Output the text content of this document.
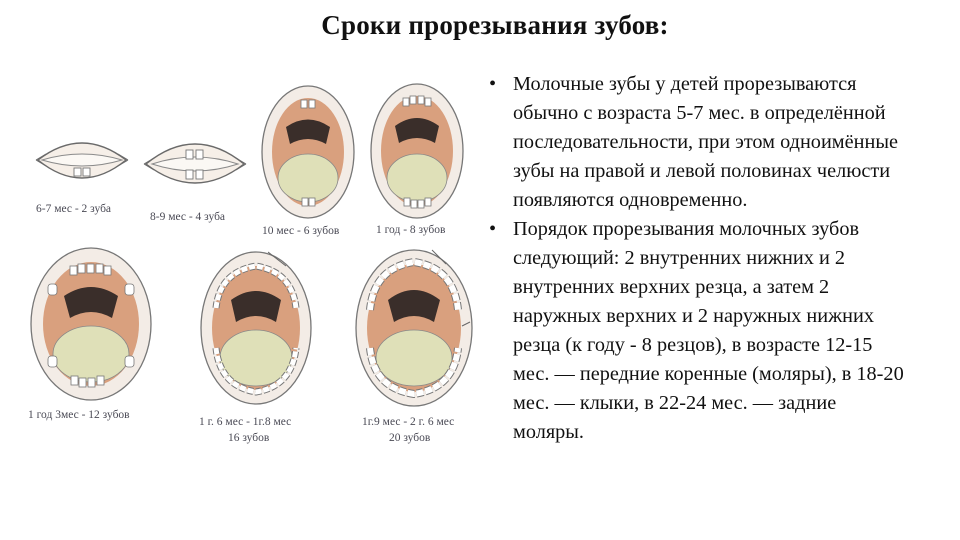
Сроки прорезывания зубов:
6-7 мес - 2 зуба
8-9 мес - 4 зуба
10 мес - 6 зубов	1 год - 8 зубов
1 год 3мес - 12 зубов
1 г. 6 мес - 1г.8 мес
16 зубов
1г.9 мес - 2 г. 6 мес
20 зубов
• Молочные зубы у детей прорезываются обычно с возраста 5-7 мес. в определённой последовательности, при этом одноимённые зубы на правой и левой половинах челюсти появляются одновременно.
• Порядок прорезывания молочных зубов следующий: 2 внутренних нижних и 2 внутренних верхних резца, а затем 2 наружных верхних и 2 наружных нижних резца (к году - 8 резцов), в возрасте 12-15 мес. — передние коренные (моляры), в 18-20 мес. — клыки, в 22-24 мес. — задние моляры.
